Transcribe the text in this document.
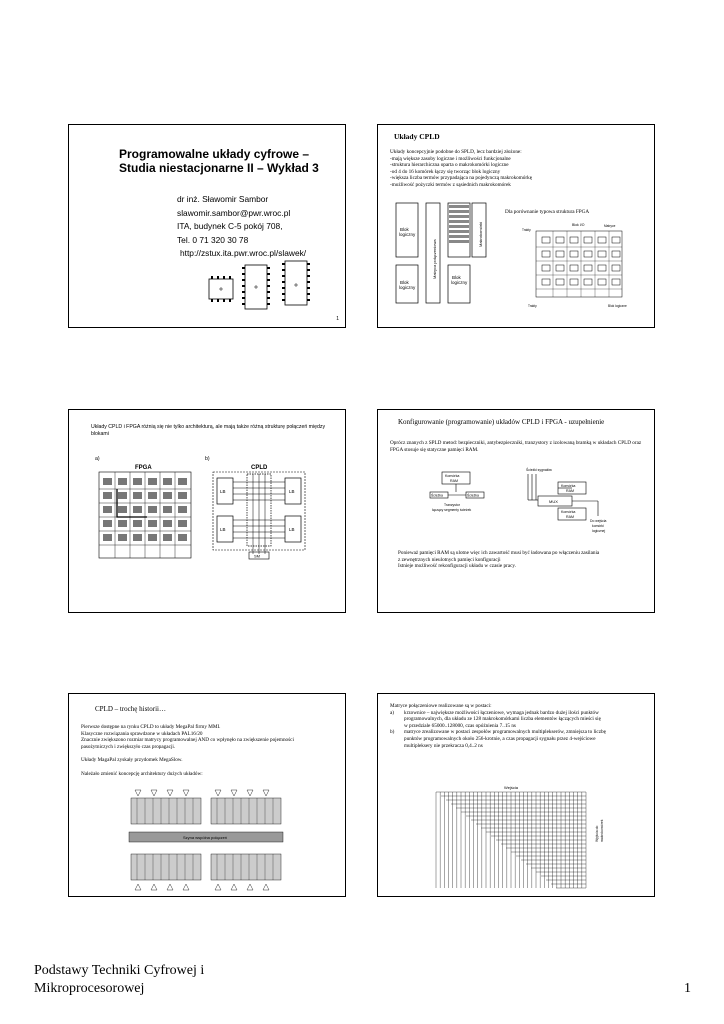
Programowalne układy cyfrowe –
Studia niestacjonarne II – Wykład 3
dr inż. Sławomir Sambor
slawomir.sambor@pwr.wroc.pl
ITA, budynek C-5 pokój 708,
Tel. 0 71 320 30 78
http://zstux.ita.pwr.wroc.pl/slawek/
1
Układy CPLD
Układy koncepcyjnie podobne do SPLD, lecz bardziej złożone:
-mają większe zasoby logiczne i możliwości funkcjonalne
-struktura hierarchiczna oparta o makrokomórki logiczne
-od 4 do 16 komórek łączy się tworząc blok logiczny
-większa liczba termów przypadająca na pojedynczą makrokomórkę
-możliwość pożyczki termów z sąsiednich makrokomórek
Blok
logiczny
Blok
logiczny
Blok
logiczny
Matryca połączeniowa
Makrokomórki
Dla porównanie typowa struktura FPGA
Blok I/O
Trakty
Matryce
Trakty	Blok logiczne
Układy CPLD i FPGA różnią się nie tylko architekturą, ale mają także różną strukturę połączeń między blokami
a)	b)
FPGA	CPLD
LB	LB
LB	LB
SM
Konfigurowanie (programowanie) układów CPLD i FPGA - uzupełnienie
Oprócz znanych z SPLD metod: bezpieczniki, antybezpieczniki, tranzystory z izolowaną bramką w układach CPLD oraz FPGA stosuje się statyczne pamięci RAM.
Komórka
RAM
Ścieżka	Ścieżka
Tranzystor
łączący segmenty ścieżek
Ścieżki sygnałów
Komórka
RAM
MUX
Komórka
RAM
Do wejścia
komórki
logicznej
Ponieważ pamięci RAM są ulotne więc ich zawartość musi być ładowana po włączeniu zasilania
z zewnętrznych nieulotnych pamięci konfiguracji
Istnieje możliwość rekonfiguracji układu w czasie pracy.
CPLD – trochę historii…
Pierwsze dostępne na rynku CPLD to układy MegaPal firmy MMI.
Klasyczne rozwiązania sprawdzone w układach PAL16/20
Znacznie zwiększono rozmiar matrycy programowalnej AND co wpłynęło na zwiększenie pojemności
pasożytniczych i zwiększyło czas propagacji.
Układy MagaPal zyskały przydomek MegaSlow.
Należało zmienić koncepcję architektury dużych układów:
Szyna wspólna połączeń
Matryce połączeniowe realizowane są w postaci:
a)	krzownice – największe możliwości łączeniowe, wymaga jednak bardzo dużej ilości punktów
programowalnych, dla układu ze 128 makrokomórkami liczba elementów łączących mieści się
w przedziale 65000..128000, czas opóźnienia 7..15 ns
b)	matryce zrealizowane w postaci zespołów programowalnych multiplekserów, zmniejsza to liczbę
punktów programowalnych około 256-krotnie, a czas propagacji sygnału przez 4-wejściowe
multipleksery nie przekracza 0,4..2 ns
Wejścia
Wyjścia do makrokomórek
Podstawy Techniki Cyfrowej i
Mikroprocesorowej	1
